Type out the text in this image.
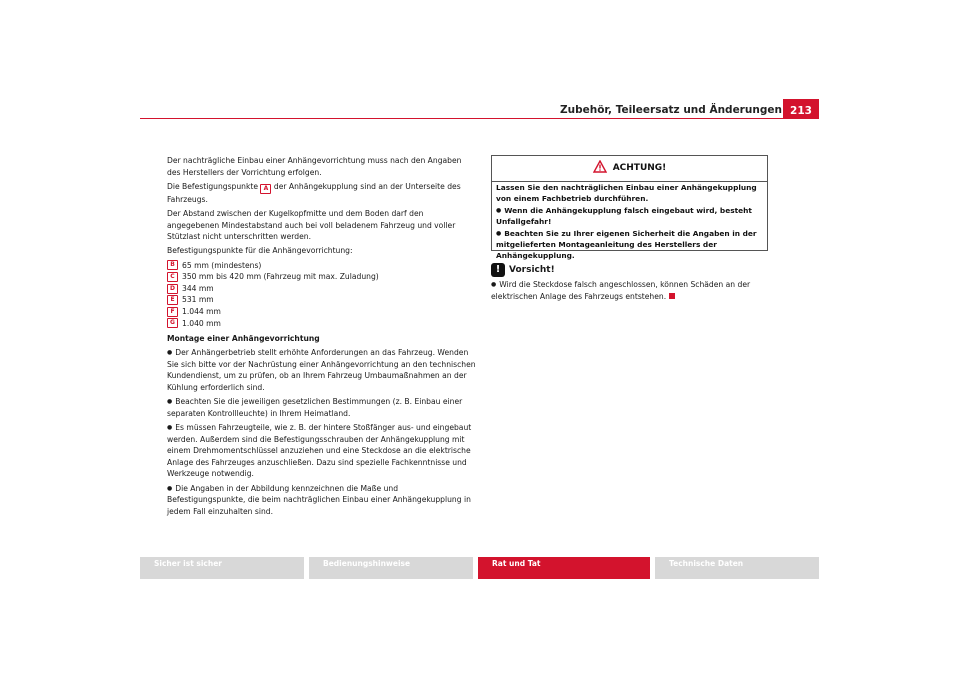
Zubehör, Teileersatz und Änderungen 213

Der nachträgliche Einbau einer Anhängevorrichtung muss nach den Angaben des Herstellers der Vorrichtung erfolgen.

Die Befestigungspunkte A der Anhängekupplung sind an der Unterseite des Fahrzeugs.

Der Abstand zwischen der Kugelkopfmitte und dem Boden darf den angegebenen Mindestabstand auch bei voll beladenem Fahrzeug und voller Stützlast nicht unterschritten werden.

Befestigungspunkte für die Anhängevorrichtung:

B 65 mm (mindestens)
C 350 mm bis 420 mm (Fahrzeug mit max. Zuladung)
D 344 mm
E 531 mm
F 1.044 mm
G 1.040 mm

Montage einer Anhängevorrichtung

● Der Anhängerbetrieb stellt erhöhte Anforderungen an das Fahrzeug. Wenden Sie sich bitte vor der Nachrüstung einer Anhängevorrichtung an den technischen Kundendienst, um zu prüfen, ob an Ihrem Fahrzeug Umbaumaßnahmen an der Kühlung erforderlich sind.

● Beachten Sie die jeweiligen gesetzlichen Bestimmungen (z. B. Einbau einer separaten Kontrollleuchte) in Ihrem Heimatland.

● Es müssen Fahrzeugteile, wie z. B. der hintere Stoßfänger aus- und eingebaut werden. Außerdem sind die Befestigungsschrauben der Anhängekupplung mit einem Drehmomentschlüssel anzuziehen und eine Steckdose an die elektrische Anlage des Fahrzeuges anzuschließen. Dazu sind spezielle Fachkenntnisse und Werkzeuge notwendig.

● Die Angaben in der Abbildung kennzeichnen die Maße und Befestigungspunkte, die beim nachträglichen Einbau einer Anhängekupplung in jedem Fall einzuhalten sind.

ACHTUNG!

Lassen Sie den nachträglichen Einbau einer Anhängekupplung von einem Fachbetrieb durchführen.

● Wenn die Anhängekupplung falsch eingebaut wird, besteht Unfallgefahr!

● Beachten Sie zu Ihrer eigenen Sicherheit die Angaben in der mitgelieferten Montageanleitung des Herstellers der Anhängekupplung.

! Vorsicht!

● Wird die Steckdose falsch angeschlossen, können Schäden an der elektrischen Anlage des Fahrzeugs entstehen.

Sicher ist sicher	Bedienungshinweise	Rat und Tat	Technische Daten
